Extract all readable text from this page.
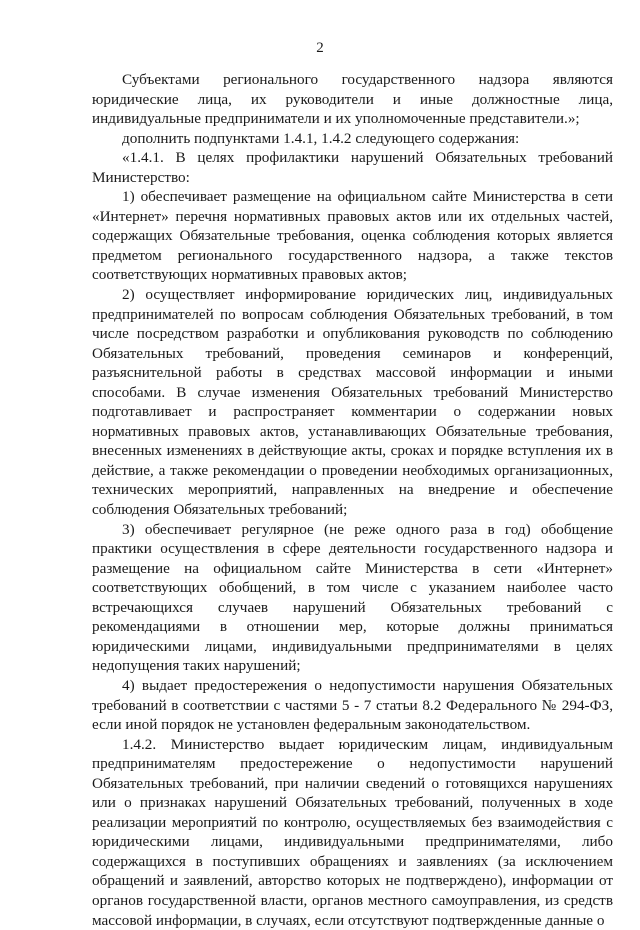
2

Субъектами регионального государственного надзора являются юридические лица, их руководители и иные должностные лица, индивидуальные предприниматели и их уполномоченные представители.»;

дополнить подпунктами 1.4.1, 1.4.2 следующего содержания:

«1.4.1. В целях профилактики нарушений Обязательных требований Министерство:

1) обеспечивает размещение на официальном сайте Министерства в сети «Интернет» перечня нормативных правовых актов или их отдельных частей, содержащих Обязательные требования, оценка соблюдения которых является предметом регионального государственного надзора, а также текстов соответствующих нормативных правовых актов;

2) осуществляет информирование юридических лиц, индивидуальных предпринимателей по вопросам соблюдения Обязательных требований, в том числе посредством разработки и опубликования руководств по соблюдению Обязательных требований, проведения семинаров и конференций, разъяснительной работы в средствах массовой информации и иными способами. В случае изменения Обязательных требований Министерство подготавливает и распространяет комментарии о содержании новых нормативных правовых актов, устанавливающих Обязательные требования, внесенных изменениях в действующие акты, сроках и порядке вступления их в действие, а также рекомендации о проведении необходимых организационных, технических мероприятий, направленных на внедрение и обеспечение соблюдения Обязательных требований;

3) обеспечивает регулярное (не реже одного раза в год) обобщение практики осуществления в сфере деятельности государственного надзора и размещение на официальном сайте Министерства в сети «Интернет» соответствующих обобщений, в том числе с указанием наиболее часто встречающихся случаев нарушений Обязательных требований с рекомендациями в отношении мер, которые должны приниматься юридическими лицами, индивидуальными предпринимателями в целях недопущения таких нарушений;

4) выдает предостережения о недопустимости нарушения Обязательных требований в соответствии с частями 5 - 7 статьи 8.2 Федерального № 294-ФЗ, если иной порядок не установлен федеральным законодательством.

1.4.2. Министерство выдает юридическим лицам, индивидуальным предпринимателям предостережение о недопустимости нарушений Обязательных требований, при наличии сведений о готовящихся нарушениях или о признаках нарушений Обязательных требований, полученных в ходе реализации мероприятий по контролю, осуществляемых без взаимодействия с юридическими лицами, индивидуальными предпринимателями, либо содержащихся в поступивших обращениях и заявлениях (за исключением обращений и заявлений, авторство которых не подтверждено), информации от органов государственной власти, органов местного самоуправления, из средств массовой информации, в случаях, если отсутствуют подтвержденные данные о
